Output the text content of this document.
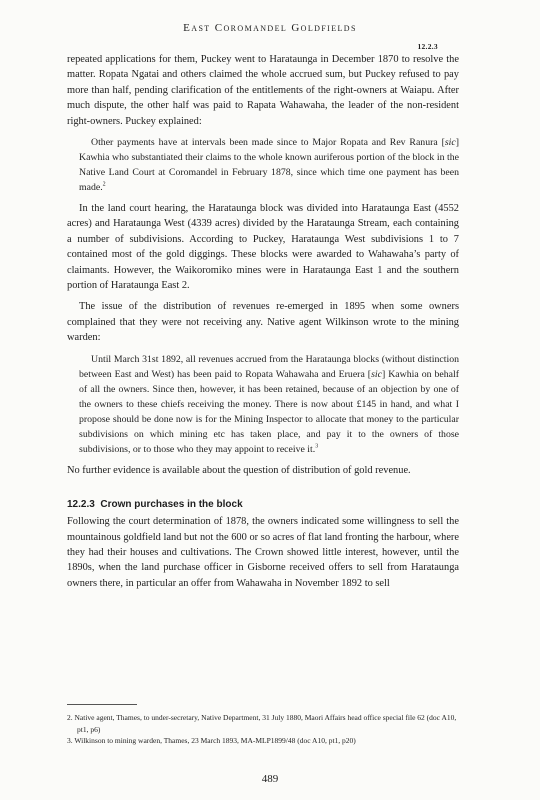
East Coromandel Goldfields
12.2.3

repeated applications for them, Puckey went to Harataunga in December 1870 to resolve the matter. Ropata Ngatai and others claimed the whole accrued sum, but Puckey refused to pay more than half, pending clarification of the entitlements of the right-owners at Waiapu. After much dispute, the other half was paid to Rapata Wahawaha, the leader of the non-resident right-owners. Puckey explained:

Other payments have at intervals been made since to Major Ropata and Rev Ranura [sic] Kawhia who substantiated their claims to the whole known auriferous portion of the block in the Native Land Court at Coromandel in February 1878, since which time one payment has been made.$^2$

In the land court hearing, the Harataunga block was divided into Harataunga East (4552 acres) and Harataunga West (4339 acres) divided by the Harataunga Stream, each containing a number of subdivisions. According to Puckey, Harataunga West subdivisions 1 to 7 contained most of the gold diggings. These blocks were awarded to Wahawaha’s party of claimants. However, the Waikoromiko mines were in Harataunga East 1 and the southern portion of Harataunga East 2.

The issue of the distribution of revenues re-emerged in 1895 when some owners complained that they were not receiving any. Native agent Wilkinson wrote to the mining warden:

Until March 31st 1892, all revenues accrued from the Harataunga blocks (without distinction between East and West) has been paid to Ropata Wahawaha and Eruera [sic] Kawhia on behalf of all the owners. Since then, however, it has been retained, because of an objection by one of the owners to these chiefs receiving the money. There is now about £145 in hand, and what I propose should be done now is for the Mining Inspector to allocate that money to the particular subdivisions on which mining etc has taken place, and pay it to the owners of those subdivisions, or to those who they may appoint to receive it.$^3$

No further evidence is available about the question of distribution of gold revenue.

12.2.3 Crown purchases in the block

Following the court determination of 1878, the owners indicated some willingness to sell the mountainous goldfield land but not the 600 or so acres of flat land fronting the harbour, where they had their houses and cultivations. The Crown showed little interest, however, until the 1890s, when the land purchase officer in Gisborne received offers to sell from Harataunga owners there, in particular an offer from Wahawaha in November 1892 to sell

2. Native agent, Thames, to under-secretary, Native Department, 31 July 1880, Maori Affairs head office special file 62 (doc A10, pt1, p6)

3. Wilkinson to mining warden, Thames, 23 March 1893, MA-MLP1899/48 (doc A10, pt1, p20)

489
